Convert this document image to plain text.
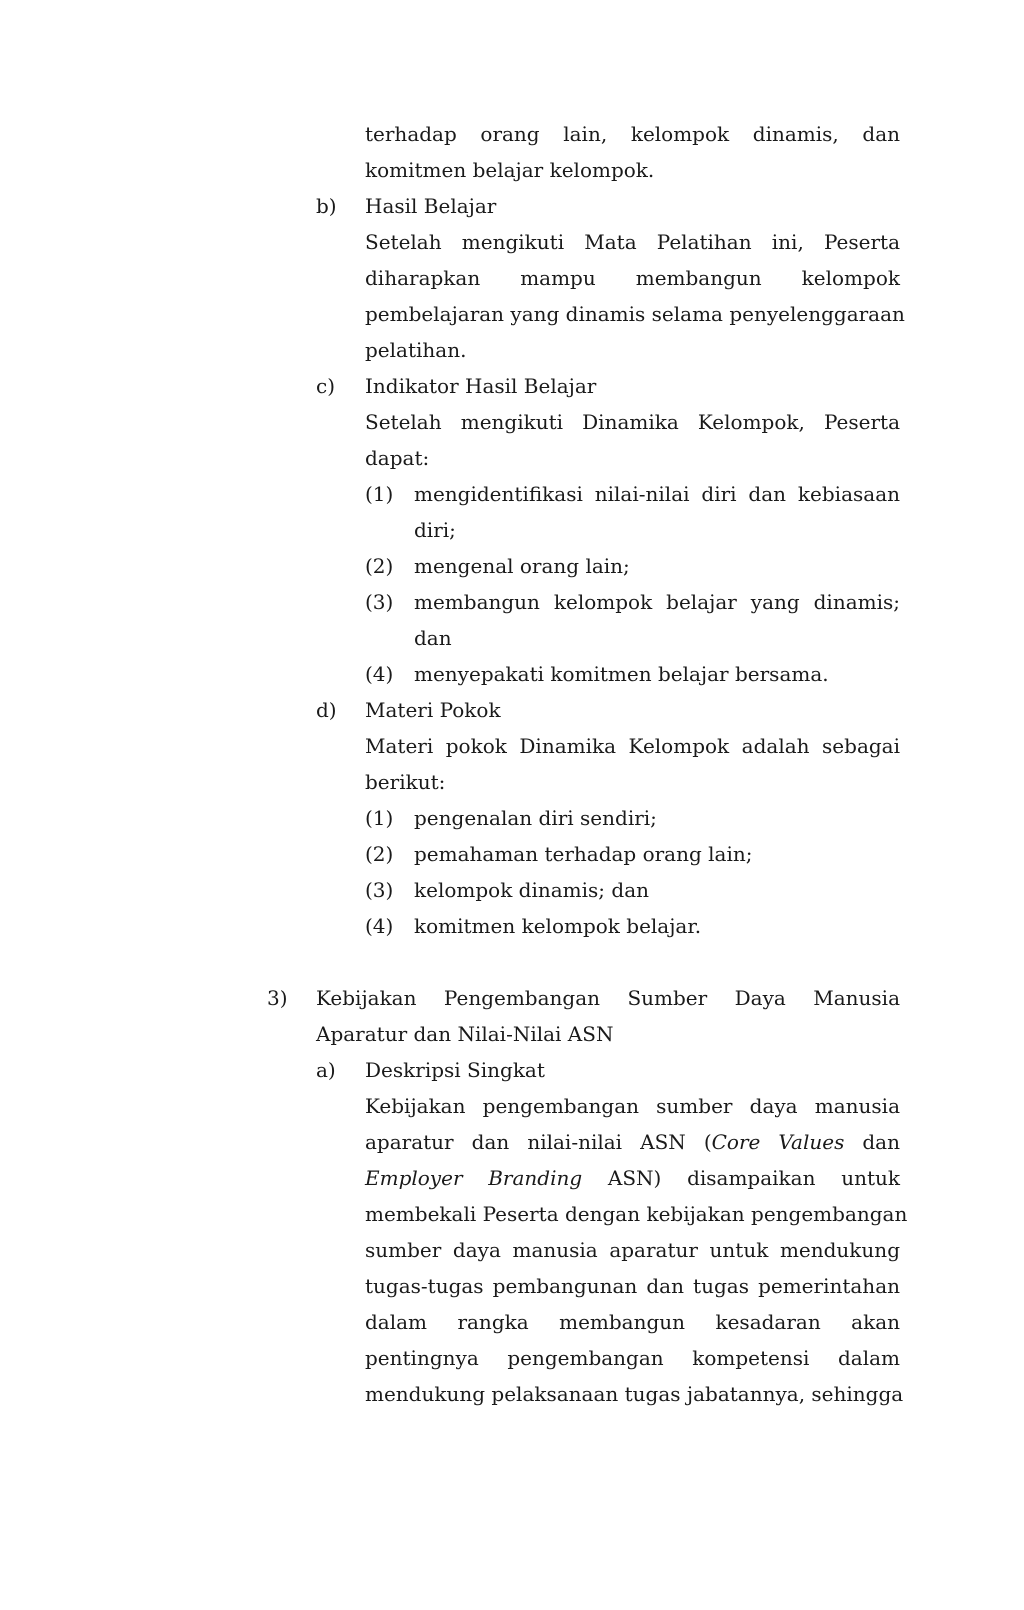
terhadap orang lain, kelompok dinamis, dan
komitmen belajar kelompok.
b) Hasil Belajar
Setelah mengikuti Mata Pelatihan ini, Peserta
diharapkan mampu membangun kelompok
pembelajaran yang dinamis selama penyelenggaraan
pelatihan.
c) Indikator Hasil Belajar
Setelah mengikuti Dinamika Kelompok, Peserta
dapat:
(1) mengidentifikasi nilai-nilai diri dan kebiasaan
diri;
(2) mengenal orang lain;
(3) membangun kelompok belajar yang dinamis;
dan
(4) menyepakati komitmen belajar bersama.
d) Materi Pokok
Materi pokok Dinamika Kelompok adalah sebagai
berikut:
(1) pengenalan diri sendiri;
(2) pemahaman terhadap orang lain;
(3) kelompok dinamis; dan
(4) komitmen kelompok belajar.
3) Kebijakan Pengembangan Sumber Daya Manusia
Aparatur dan Nilai-Nilai ASN
a) Deskripsi Singkat
Kebijakan pengembangan sumber daya manusia
aparatur dan nilai-nilai ASN (Core Values dan
Employer Branding ASN) disampaikan untuk
membekali Peserta dengan kebijakan pengembangan
sumber daya manusia aparatur untuk mendukung
tugas-tugas pembangunan dan tugas pemerintahan
dalam rangka membangun kesadaran akan
pentingnya pengembangan kompetensi dalam
mendukung pelaksanaan tugas jabatannya, sehingga
